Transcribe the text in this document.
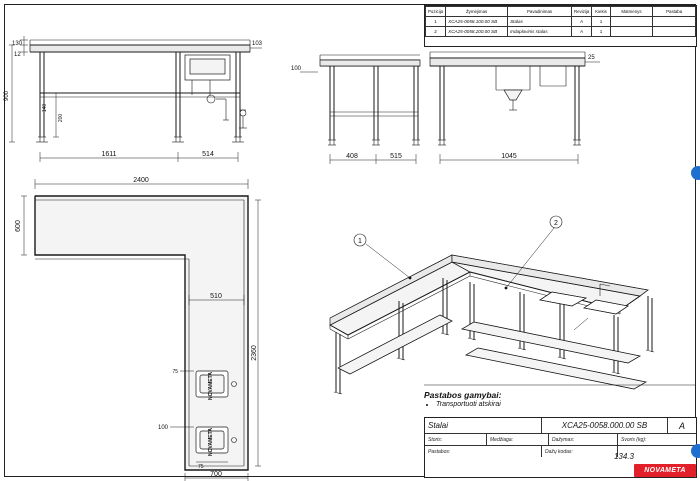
130
12
900
140
200
103
1611	514
100
25
408	515	1045
NOVAMETA
NOVAMETA
2400
600
510
2360
700
75
100
75
1
2
Pozicija	Žymėjimas	Pavadinimas	Revizija	Kiekis	Matmenys	Pastaba
1	XCA25-0058.100.00 SB	Stalas	A	1		
2	XCA25-0058.200.00 SB	Indaplovinis stalas	A	1		
Pastabos gamybai:
• Transportuoti atskirai
Stalai	XCA25-0058.000.00 SB	A
Storis:	Medžiaga:	Dažymas:	Svoris (kg):
Pastabos:	Dažų kodas:
134.3
NOVAMETA
